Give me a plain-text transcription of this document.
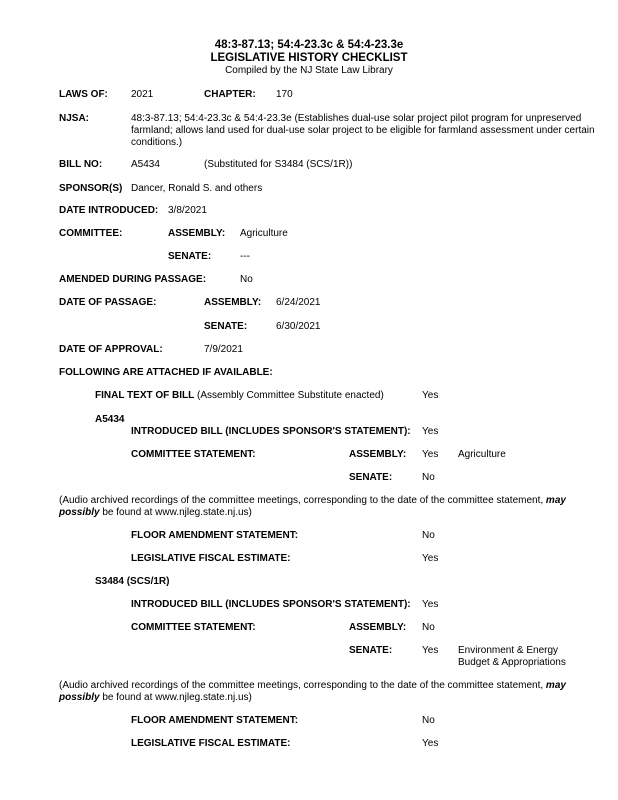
48:3-87.13; 54:4-23.3c & 54:4-23.3e
LEGISLATIVE HISTORY CHECKLIST
Compiled by the NJ State Law Library
LAWS OF: 2021	CHAPTER: 170
NJSA:	48:3-87.13; 54:4-23.3c & 54:4-23.3e (Establishes dual-use solar project pilot program for unpreserved farmland; allows land used for dual-use solar project to be eligible for farmland assessment under certain conditions.)
BILL NO:	A5434	(Substituted for S3484 (SCS/1R))
SPONSOR(S) Dancer, Ronald S. and others
DATE INTRODUCED: 3/8/2021
COMMITTEE:	ASSEMBLY: Agriculture
SENATE:	---
AMENDED DURING PASSAGE:	No
DATE OF PASSAGE:	ASSEMBLY: 6/24/2021
SENATE:	6/30/2021
DATE OF APPROVAL:	7/9/2021
FOLLOWING ARE ATTACHED IF AVAILABLE:
FINAL TEXT OF BILL (Assembly Committee Substitute enacted)	Yes
A5434
INTRODUCED BILL (INCLUDES SPONSOR'S STATEMENT): Yes
COMMITTEE STATEMENT:	ASSEMBLY: Yes Agriculture
SENATE:	No
(Audio archived recordings of the committee meetings, corresponding to the date of the committee statement, may possibly be found at www.njleg.state.nj.us)
FLOOR AMENDMENT STATEMENT:	No
LEGISLATIVE FISCAL ESTIMATE:	Yes
S3484 (SCS/1R)
INTRODUCED BILL (INCLUDES SPONSOR'S STATEMENT): Yes
COMMITTEE STATEMENT:	ASSEMBLY: No
SENATE:	Yes Environment & Energy
Budget & Appropriations
(Audio archived recordings of the committee meetings, corresponding to the date of the committee statement, may possibly be found at www.njleg.state.nj.us)
FLOOR AMENDMENT STATEMENT:	No
LEGISLATIVE FISCAL ESTIMATE:	Yes
